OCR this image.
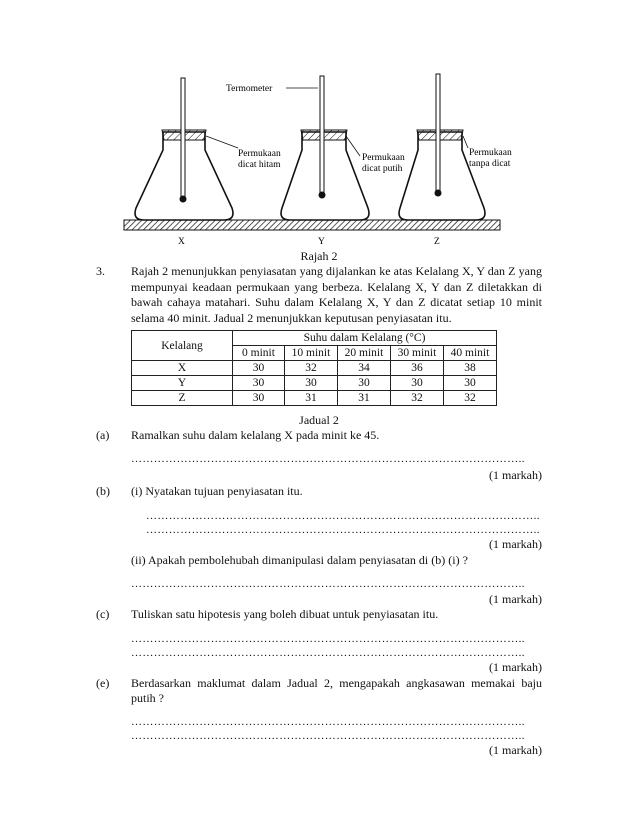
Termometer
Permukaan
dicat hitam
Permukaan
dicat putih
Permukaan
tanpa dicat
X	Y	Z
Rajah 2
3. Rajah 2 menunjukkan penyiasatan yang dijalankan ke atas Kelalang X, Y dan Z yang
mempunyai keadaan permukaan yang berbeza. Kelalang X, Y dan Z diletakkan di
bawah cahaya matahari. Suhu dalam Kelalang X, Y dan Z dicatat setiap 10 minit
selama 40 minit. Jadual 2 menunjukkan keputusan penyiasatan itu.
Kelalang	Suhu dalam Kelalang (°C)				
	0 minit	10 minit	20 minit	30 minit	40 minit
X	30	32	34	36	38
Y	30	30	30	30	30
Z	30	31	31	32	32
Jadual 2
(a) Ramalkan suhu dalam kelalang X pada minit ke 45.
…………………………………………………………………………………………..
(1 markah)
(b) (i) Nyatakan tujuan penyiasatan itu.
…………………………………………………………………………………………..
…………………………………………………………………………………………..
(1 markah)
(ii) Apakah pembolehubah dimanipulasi dalam penyiasatan di (b) (i) ?
…………………………………………………………………………………………..
(1 markah)
(c) Tuliskan satu hipotesis yang boleh dibuat untuk penyiasatan itu.
…………………………………………………………………………………………..
…………………………………………………………………………………………..
(1 markah)
(e) Berdasarkan maklumat dalam Jadual 2, mengapakah angkasawan memakai baju
putih ?
…………………………………………………………………………………………..
…………………………………………………………………………………………..
(1 markah)
